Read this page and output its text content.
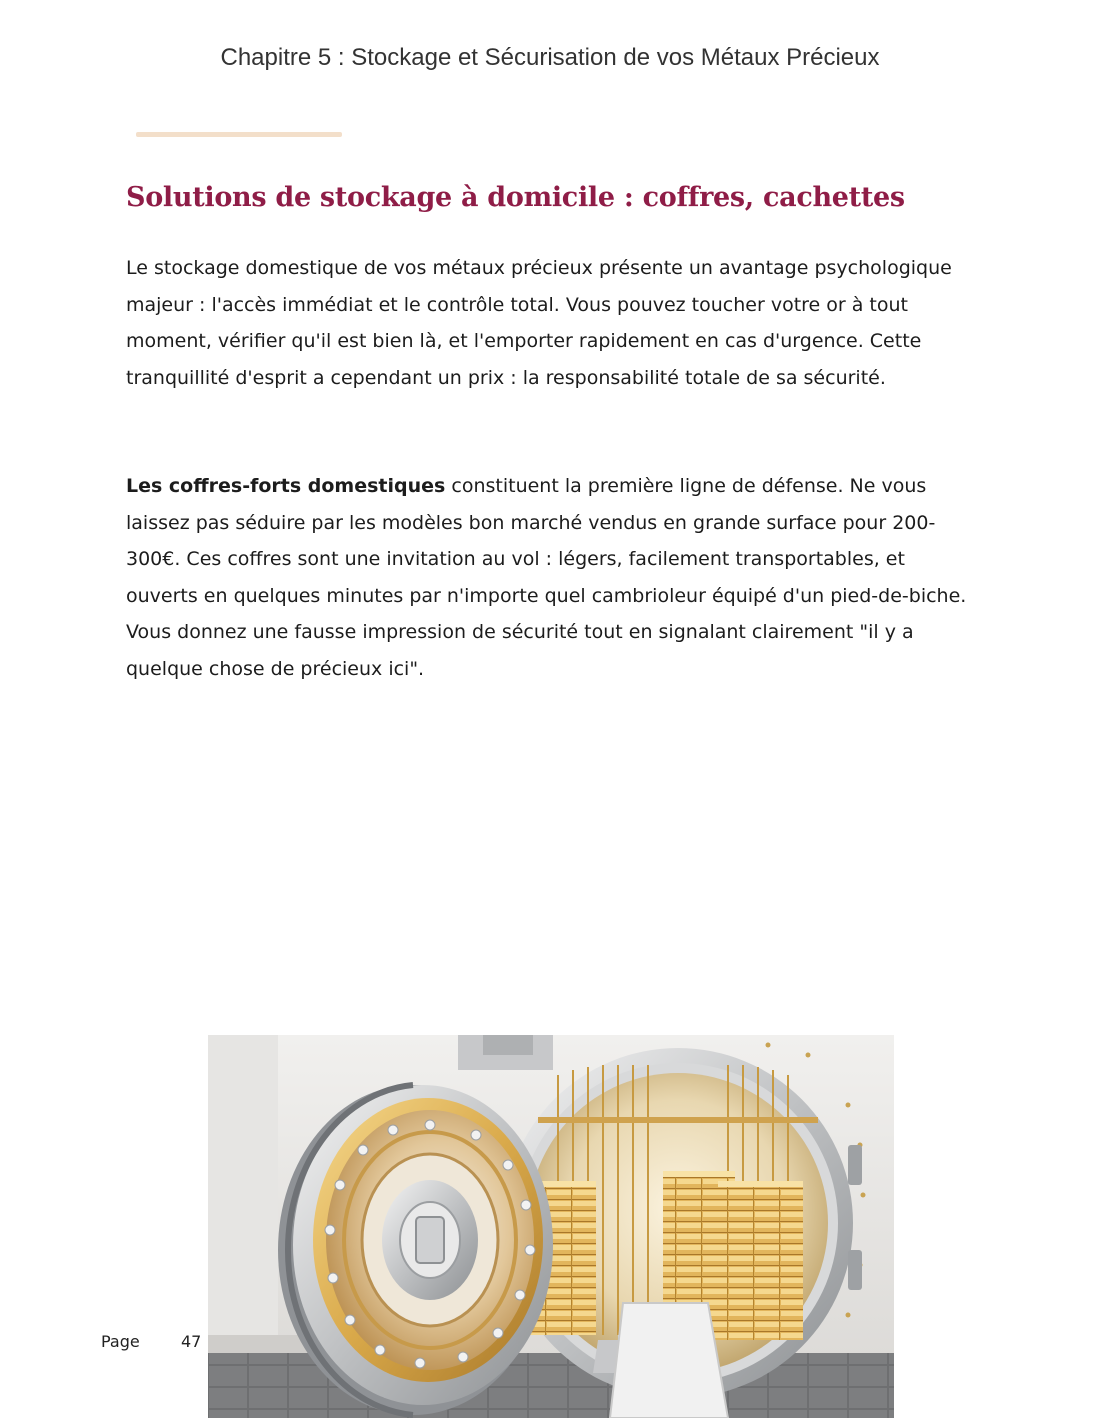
Chapitre 5 : Stockage et Sécurisation de vos Métaux Précieux
Solutions de stockage à domicile : coffres, cachettes

Le stockage domestique de vos métaux précieux présente un avantage psychologique majeur : l'accès immédiat et le contrôle total. Vous pouvez toucher votre or à tout moment, vérifier qu'il est bien là, et l'emporter rapidement en cas d'urgence. Cette tranquillité d'esprit a cependant un prix : la responsabilité totale de sa sécurité.

Les coffres-forts domestiques constituent la première ligne de défense. Ne vous laissez pas séduire par les modèles bon marché vendus en grande surface pour 200-300€. Ces coffres sont une invitation au vol : légers, facilement transportables, et ouverts en quelques minutes par n'importe quel cambrioleur équipé d'un pied-de-biche. Vous donnez une fausse impression de sécurité tout en signalant clairement "il y a quelque chose de précieux ici".

Page	47
